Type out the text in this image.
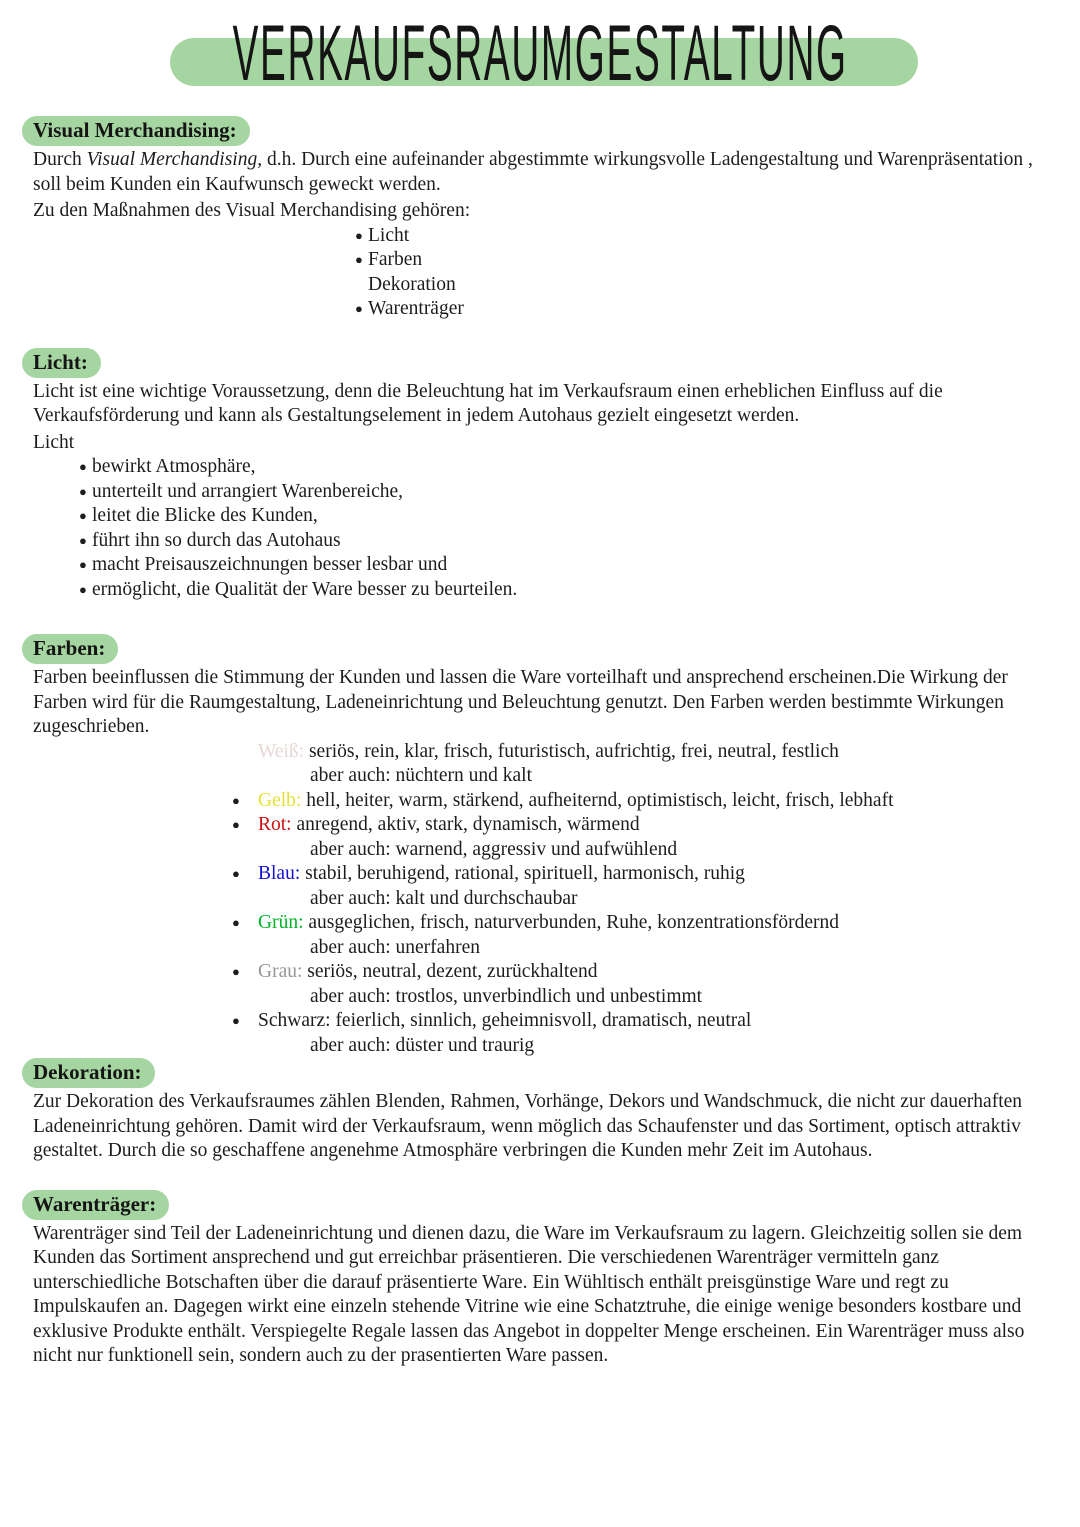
VERKAUFSRAUMGESTALTUNG
Visual Merchandising:
Durch Visual Merchandising, d.h. Durch eine aufeinander abgestimmte wirkungsvolle Ladengestaltung und Warenpräsentation , soll beim Kunden ein Kaufwunsch geweckt werden.
Zu den Maßnahmen des Visual Merchandising gehören:
● Licht
● Farben
Dekoration
● Warenträger
Licht:
Licht ist eine wichtige Voraussetzung, denn die Beleuchtung hat im Verkaufsraum einen erheblichen Einfluss auf die Verkaufsförderung und kann als Gestaltungselement in jedem Autohaus gezielt eingesetzt werden.
Licht
● bewirkt Atmosphäre,
● unterteilt und arrangiert Warenbereiche,
● leitet die Blicke des Kunden,
● führt ihn so durch das Autohaus
● macht Preisauszeichnungen besser lesbar und
● ermöglicht, die Qualität der Ware besser zu beurteilen.
Farben:
Farben beeinflussen die Stimmung der Kunden und lassen die Ware vorteilhaft und ansprechend erscheinen.Die Wirkung der Farben wird für die Raumgestaltung, Ladeneinrichtung und Beleuchtung genutzt. Den Farben werden bestimmte Wirkungen zugeschrieben.
Weiß: seriös, rein, klar, frisch, futuristisch, aufrichtig, frei, neutral, festlich
aber auch: nüchtern und kalt
● Gelb: hell, heiter, warm, stärkend, aufheiternd, optimistisch, leicht, frisch, lebhaft
● Rot: anregend, aktiv, stark, dynamisch, wärmend
aber auch: warnend, aggressiv und aufwühlend
● Blau: stabil, beruhigend, rational, spirituell, harmonisch, ruhig
aber auch: kalt und durchschaubar
● Grün: ausgeglichen, frisch, naturverbunden, Ruhe, konzentrationsfördernd
aber auch: unerfahren
● Grau: seriös, neutral, dezent, zurückhaltend
aber auch: trostlos, unverbindlich und unbestimmt
● Schwarz: feierlich, sinnlich, geheimnisvoll, dramatisch, neutral
aber auch: düster und traurig
Dekoration:
Zur Dekoration des Verkaufsraumes zählen Blenden, Rahmen, Vorhänge, Dekors und Wandschmuck, die nicht zur dauerhaften Ladeneinrichtung gehören. Damit wird der Verkaufsraum, wenn möglich das Schaufenster und das Sortiment, optisch attraktiv gestaltet. Durch die so geschaffene angenehme Atmosphäre verbringen die Kunden mehr Zeit im Autohaus.
Warenträger:
Warenträger sind Teil der Ladeneinrichtung und dienen dazu, die Ware im Verkaufsraum zu lagern. Gleichzeitig sollen sie dem Kunden das Sortiment ansprechend und gut erreichbar präsentieren. Die verschiedenen Warenträger vermitteln ganz unterschiedliche Botschaften über die darauf präsentierte Ware. Ein Wühltisch enthält preisgünstige Ware und regt zu Impulskaufen an. Dagegen wirkt eine einzeln stehende Vitrine wie eine Schatztruhe, die einige wenige besonders kostbare und exklusive Produkte enthält. Verspiegelte Regale lassen das Angebot in doppelter Menge erscheinen. Ein Warenträger muss also nicht nur funktionell sein, sondern auch zu der prasentierten Ware passen.
